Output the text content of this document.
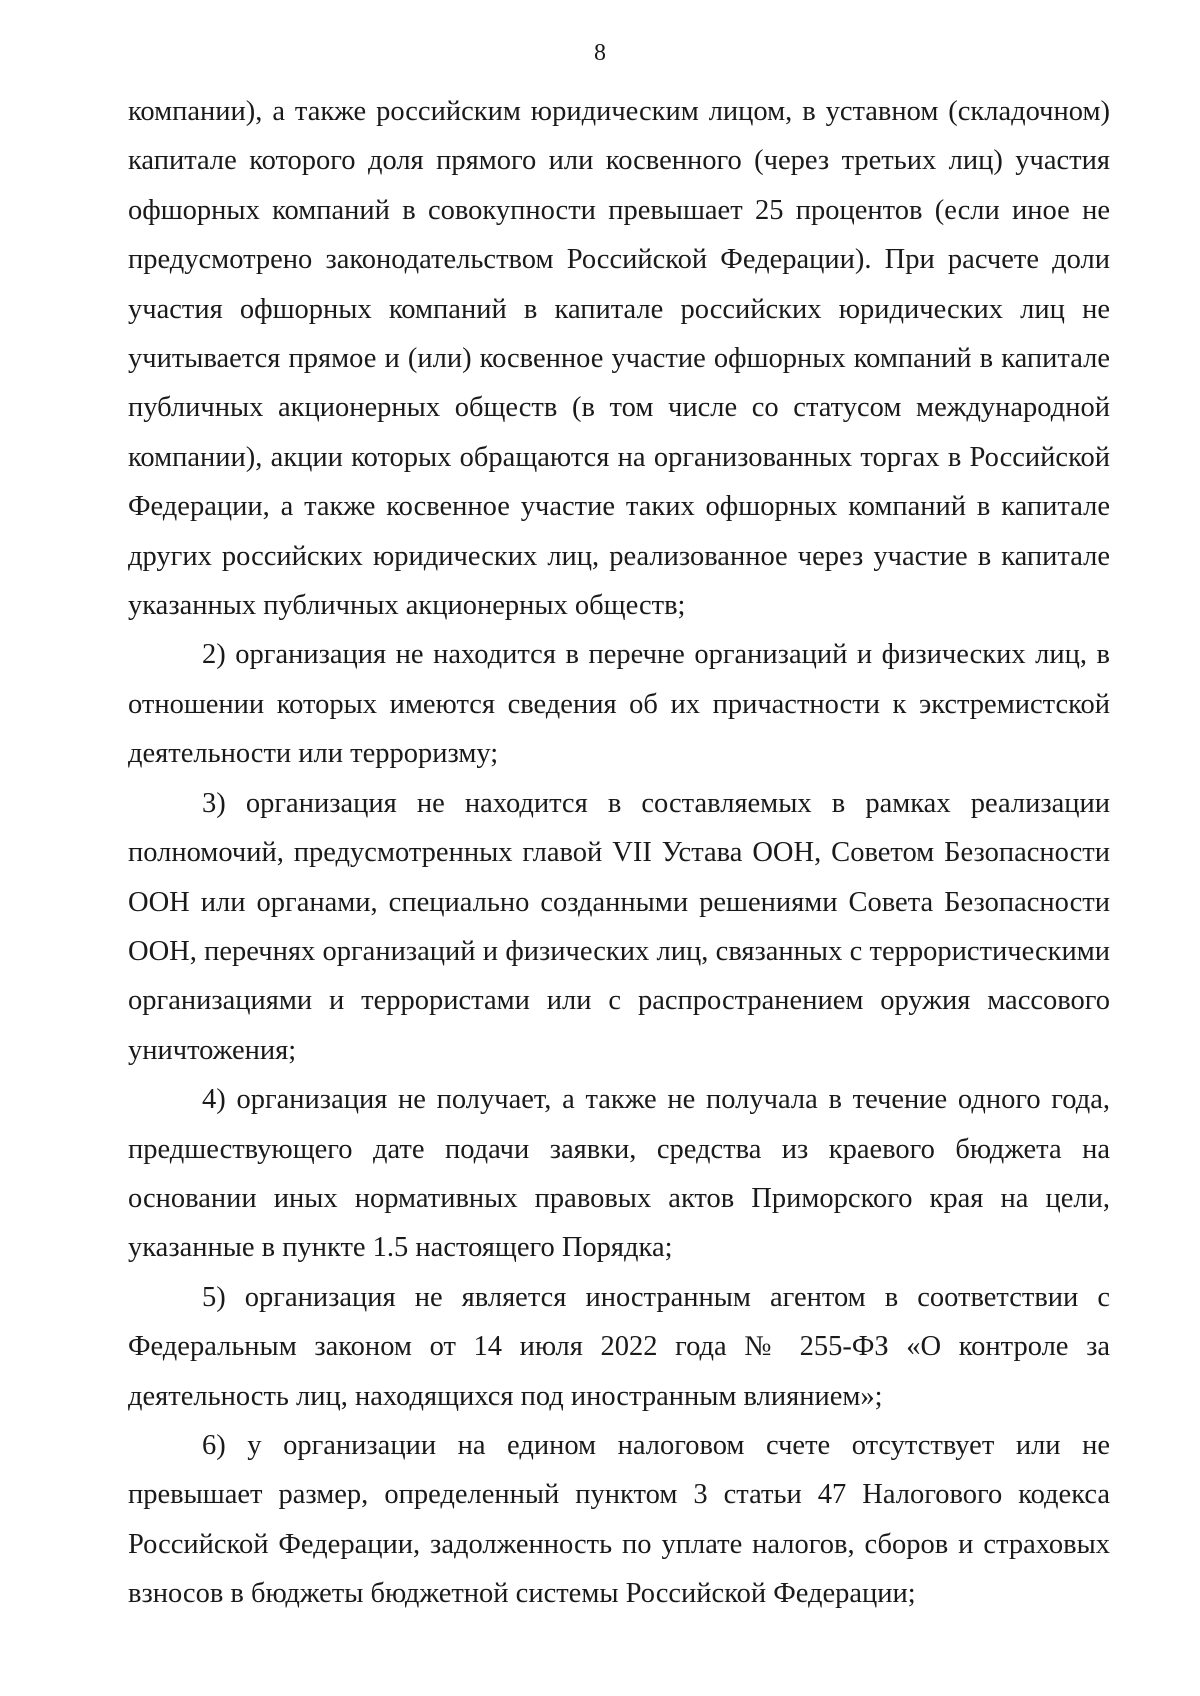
8

компании), а также российским юридическим лицом, в уставном (складочном) капитале которого доля прямого или косвенного (через третьих лиц) участия офшорных компаний в совокупности превышает 25 процентов (если иное не предусмотрено законодательством Российской Федерации). При расчете доли участия офшорных компаний в капитале российских юридических лиц не учитывается прямое и (или) косвенное участие офшорных компаний в капитале публичных акционерных обществ (в том числе со статусом международной компании), акции которых обращаются на организованных торгах в Российской Федерации, а также косвенное участие таких офшорных компаний в капитале других российских юридических лиц, реализованное через участие в капитале указанных публичных акционерных обществ;

2) организация не находится в перечне организаций и физических лиц, в отношении которых имеются сведения об их причастности к экстремистской деятельности или терроризму;

3) организация не находится в составляемых в рамках реализации полномочий, предусмотренных главой VII Устава ООН, Советом Безопасности ООН или органами, специально созданными решениями Совета Безопасности ООН, перечнях организаций и физических лиц, связанных с террористическими организациями и террористами или с распространением оружия массового уничтожения;

4) организация не получает, а также не получала в течение одного года, предшествующего дате подачи заявки, средства из краевого бюджета на основании иных нормативных правовых актов Приморского края на цели, указанные в пункте 1.5 настоящего Порядка;

5) организация не является иностранным агентом в соответствии с Федеральным законом от 14 июля 2022 года № 255-ФЗ «О контроле за деятельность лиц, находящихся под иностранным влиянием»;

6) у организации на едином налоговом счете отсутствует или не превышает размер, определенный пунктом 3 статьи 47 Налогового кодекса Российской Федерации, задолженность по уплате налогов, сборов и страховых взносов в бюджеты бюджетной системы Российской Федерации;
